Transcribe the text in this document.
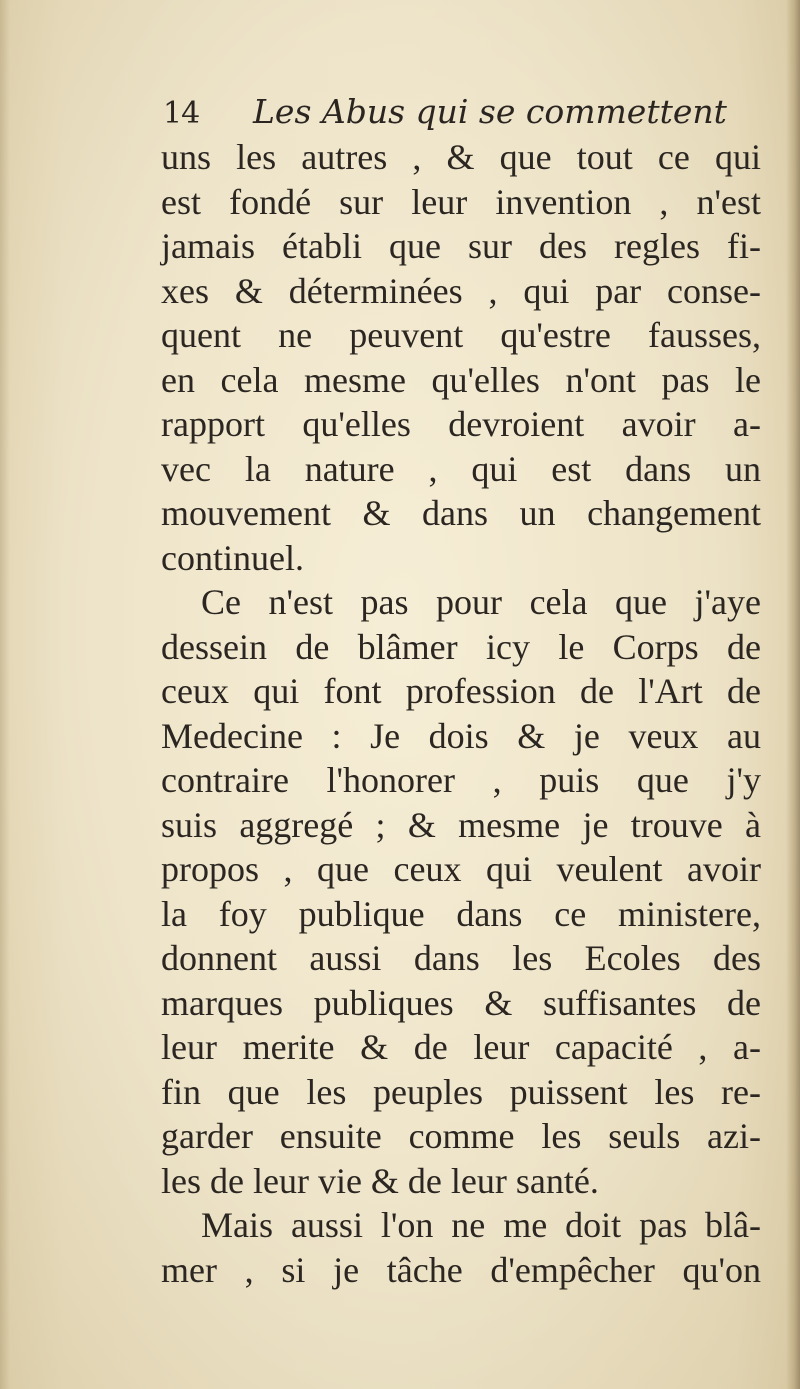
14 Les Abus qui se commettent
uns les autres , & que tout ce qui
est fondé sur leur invention , n'est
jamais établi que sur des regles fi-
xes & déterminées , qui par conse-
quent ne peuvent qu'estre fausses,
en cela mesme qu'elles n'ont pas le
rapport qu'elles devroient avoir a-
vec la nature , qui est dans un
mouvement & dans un changement
continuel.
Ce n'est pas pour cela que j'aye
dessein de blâmer icy le Corps de
ceux qui font profession de l'Art de
Medecine : Je dois & je veux au
contraire l'honorer , puis que j'y
suis aggregé ; & mesme je trouve à
propos , que ceux qui veulent avoir
la foy publique dans ce ministere,
donnent aussi dans les Ecoles des
marques publiques & suffisantes de
leur merite & de leur capacité , a-
fin que les peuples puissent les re-
garder ensuite comme les seuls azi-
les de leur vie & de leur santé.
Mais aussi l'on ne me doit pas blâ-
mer , si je tâche d'empêcher qu'on
